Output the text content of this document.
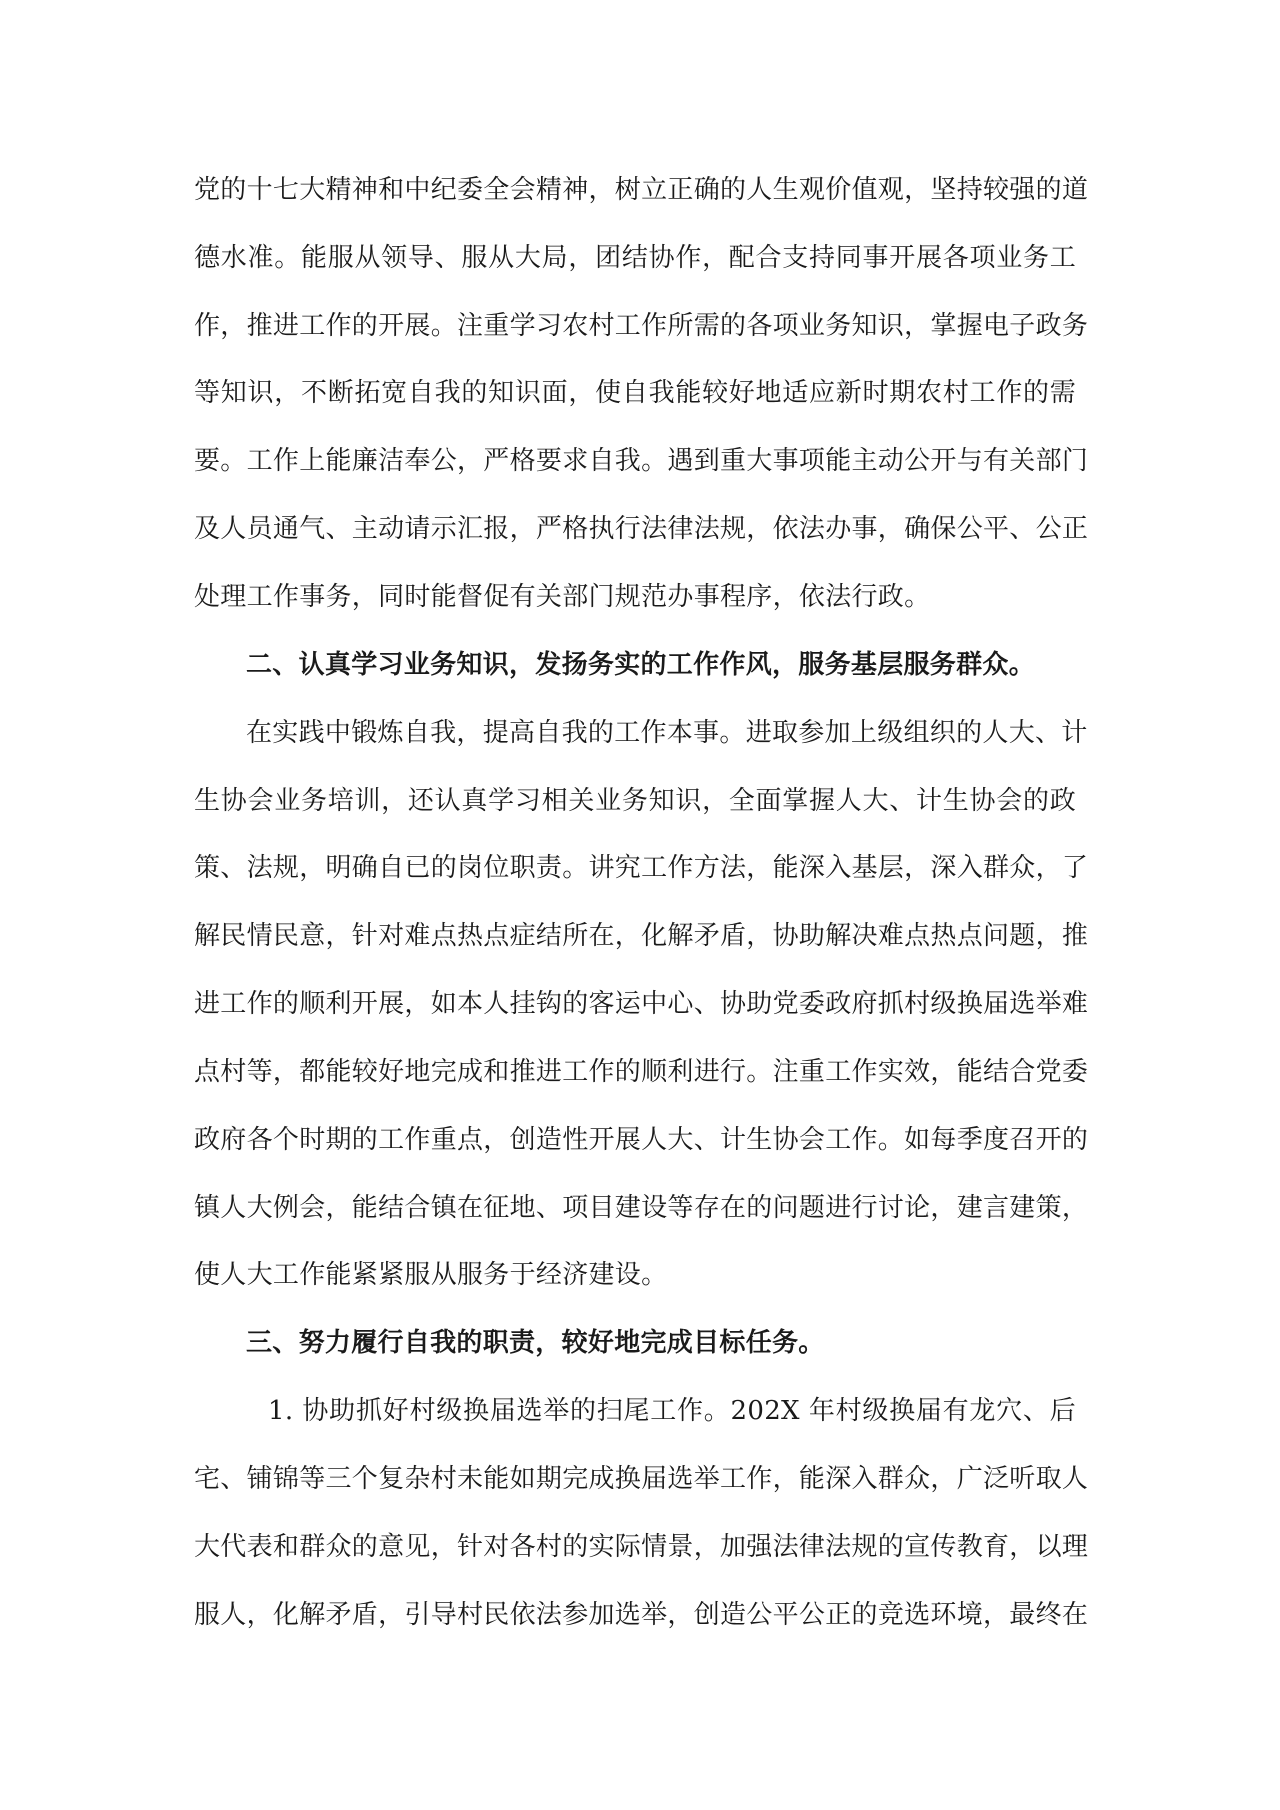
党的十七大精神和中纪委全会精神，树立正确的人生观价值观，坚持较强的道
德水准。能服从领导、服从大局，团结协作，配合支持同事开展各项业务工
作，推进工作的开展。注重学习农村工作所需的各项业务知识，掌握电子政务
等知识，不断拓宽自我的知识面，使自我能较好地适应新时期农村工作的需
要。工作上能廉洁奉公，严格要求自我。遇到重大事项能主动公开与有关部门
及人员通气、主动请示汇报，严格执行法律法规，依法办事，确保公平、公正
处理工作事务，同时能督促有关部门规范办事程序，依法行政。
二、认真学习业务知识，发扬务实的工作作风，服务基层服务群众。
在实践中锻炼自我，提高自我的工作本事。进取参加上级组织的人大、计
生协会业务培训，还认真学习相关业务知识，全面掌握人大、计生协会的政
策、法规，明确自已的岗位职责。讲究工作方法，能深入基层，深入群众，了
解民情民意，针对难点热点症结所在，化解矛盾，协助解决难点热点问题，推
进工作的顺利开展，如本人挂钩的客运中心、协助党委政府抓村级换届选举难
点村等，都能较好地完成和推进工作的顺利进行。注重工作实效，能结合党委
政府各个时期的工作重点，创造性开展人大、计生协会工作。如每季度召开的
镇人大例会，能结合镇在征地、项目建设等存在的问题进行讨论，建言建策，
使人大工作能紧紧服从服务于经济建设。
三、努力履行自我的职责，较好地完成目标任务。
1. 协助抓好村级换届选举的扫尾工作。202X 年村级换届有龙穴、后
宅、铺锦等三个复杂村未能如期完成换届选举工作，能深入群众，广泛听取人
大代表和群众的意见，针对各村的实际情景，加强法律法规的宣传教育，以理
服人，化解矛盾，引导村民依法参加选举，创造公平公正的竞选环境，最终在
